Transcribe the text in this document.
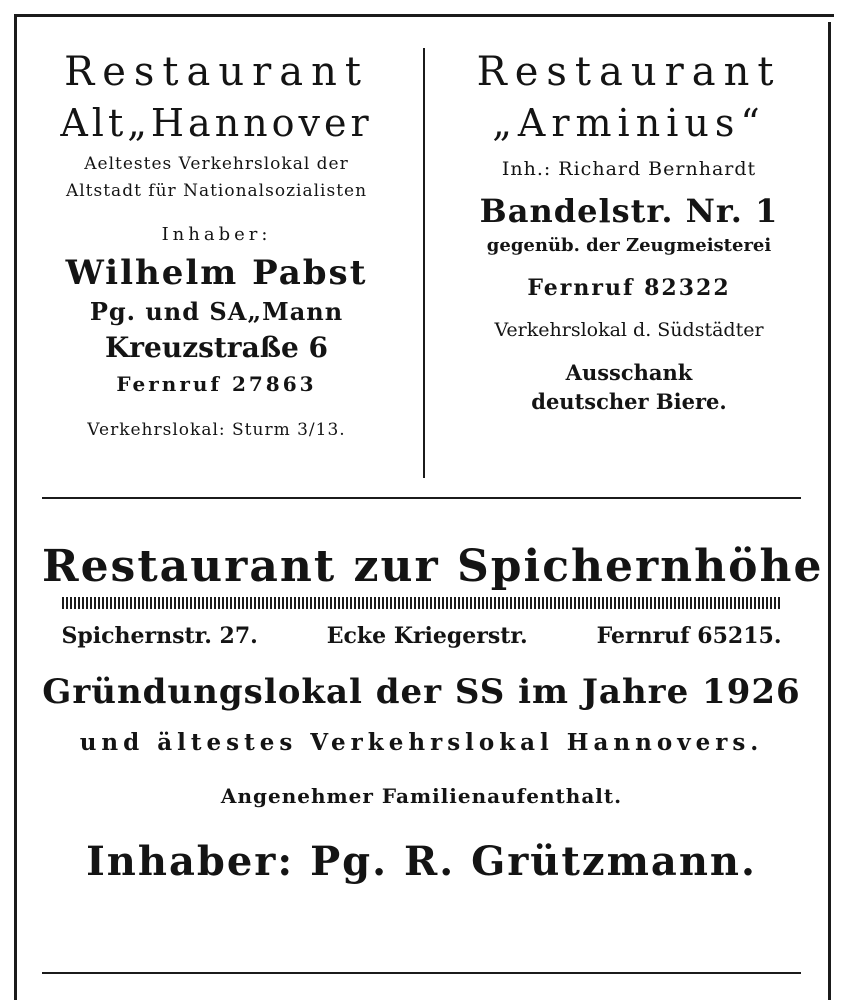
Restaurant
Alt„Hannover
Aeltestes Verkehrslokal der
Altstadt für Nationalsozialisten
Inhaber:
Wilhelm Pabst
Pg. und SA„Mann
Kreuzstraße 6
Fernruf 27863
Verkehrslokal: Sturm 3/13.
Restaurant
„Arminius“
Inh.: Richard Bernhardt
Bandelstr. Nr. 1
gegenüb. der Zeugmeisterei
Fernruf 82322
Verkehrslokal d. Südstädter
Ausschank
deutscher Biere.
Restaurant zur Spichernhöhe
Spichernstr. 27.	Ecke Kriegerstr.	Fernruf 65215.
Gründungslokal der SS im Jahre 1926
und ältestes Verkehrslokal Hannovers.
Angenehmer Familienaufenthalt.
Inhaber: Pg. R. Grützmann.
